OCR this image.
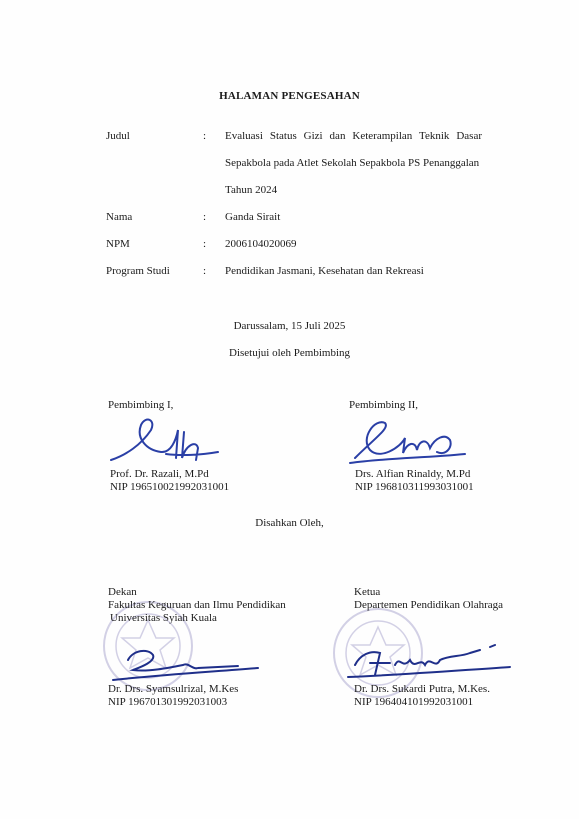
HALAMAN PENGESAHAN
Judul	: Evaluasi Status Gizi dan Keterampilan Teknik Dasar
Sepakbola pada Atlet Sekolah Sepakbola PS Penanggalan
Tahun 2024
Nama	: Ganda Sirait
NPM	: 2006104020069
Program Studi	: Pendidikan Jasmani, Kesehatan dan Rekreasi
Darussalam, 15 Juli 2025
Disetujui oleh Pembimbing
Pembimbing I,
Prof. Dr. Razali, M.Pd
NIP 196510021992031001
Pembimbing II,
Drs. Alfian Rinaldy, M.Pd
NIP 196810311993031001
Disahkan Oleh,
Dekan
Fakultas Keguruan dan Ilmu Pendidikan
Universitas Syiah Kuala
Dr. Drs. Syamsulrizal, M.Kes
NIP 196701301992031003
Ketua
Departemen Pendidikan Olahraga
Dr. Drs. Sukardi Putra, M.Kes.
NIP 196404101992031001
